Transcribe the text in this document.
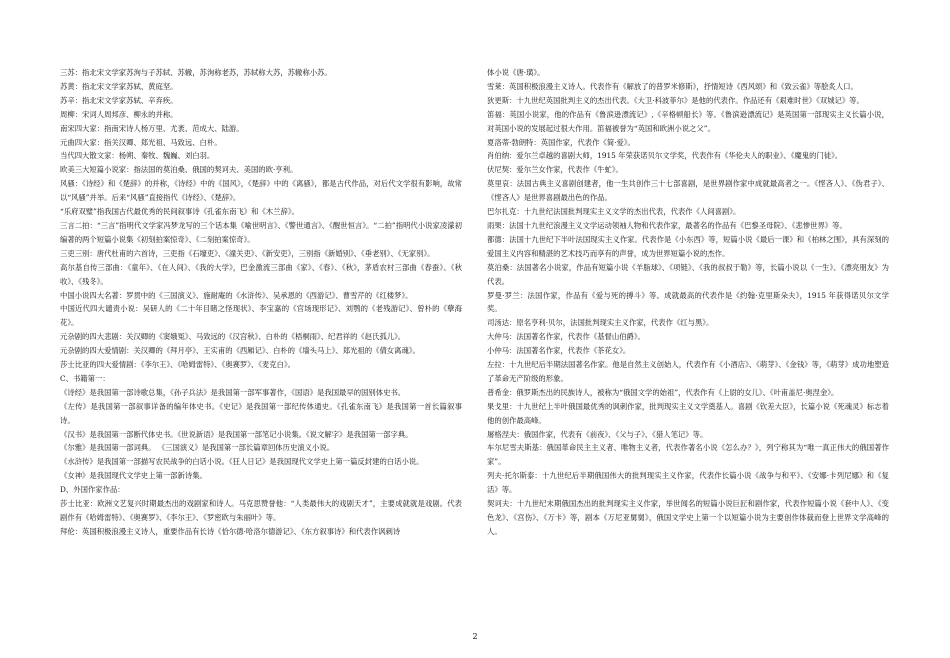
三苏：指北宋文学家苏洵与子苏轼、苏辙，苏洵称老苏，苏轼称大苏，苏辙称小苏。

苏黄：指北宋文学家苏轼、黄庭坚。

苏辛：指北宋文学家苏轼、辛弃疾。

周柳：宋词人周邦彦、柳永的并称。

南宋四大家：指南宋诗人杨万里、尤袤、范成大、陆游。

元曲四大家：指关汉卿、郑光祖、马致远、白朴。

当代四大散文家：杨朔、秦牧、魏巍、刘白羽。

欧美三大短篇小说家：指法国的莫泊桑、俄国的契诃夫、美国的欧·亨利。

风骚：《诗经》和《楚辞》的并称，《诗经》中的《国风》，《楚辞》中的《离骚》，都是古代作品，对后代文学很有影响，故常以“风骚”并举。后来“风骚”直接指代《诗经》、《楚辞》。

“乐府双璧”指我国古代最优秀的民间叙事诗《孔雀东南飞》和《木兰辞》。

三言二拍：“三言”指明代文学家冯梦龙写的三个话本集《喻世明言》、《警世通言》、《醒世恒言》。“二拍”指明代小说家凌濛初编著的两个短篇小说集《初刻拍案惊奇》、《二刻拍案惊奇》。

三吏三别：唐代杜甫的六首诗，三吏指《石壕吏》、《潼关吏》、《新安吏》，三别指《新婚别》、《垂老别》、《无家别》。

高尔基自传三部曲：《童年》、《在人间》、《我的大学》，巴金激流三部曲《家》、《春》、《秋》，茅盾农村三部曲《春蚕》、《秋收》、《残冬》。

中国小说四大名著：罗贯中的《三国演义》、施耐庵的《水浒传》、吴承恩的《西游记》、曹雪芹的《红楼梦》。

中国近代四大谴责小说：吴研人的《二十年目睹之怪现状》、李宝嘉的《官场现形记》、刘鹗的《老残游记》、曾朴的《孽海花》。

元杂剧的四大悲剧：关汉卿的《窦娥冤》、马致远的《汉宫秋》、白朴的《梧桐雨》、纪君祥的《赵氏孤儿》。

元杂剧的四大爱情剧：关汉卿的《拜月亭》、王实甫的《西厢记》、白朴的《墙头马上》、郑光祖的《倩女离魂》。

莎士比亚的四大爱情剧：《李尔王》、《哈姆雷特》、《奥赛罗》、《麦克白》。

C、书籍第一：

《诗经》是我国第一部诗歌总集，《孙子兵法》是我国第一部军事著作，《国语》是我国最早的国别体史书。

《左传》是我国第一部叙事详备的编年体史书。《史记》是我国第一部纪传体通史。《孔雀东南飞》是我国第一首长篇叙事诗。

《汉书》是我国第一部断代体史书。《世说新语》是我国第一部笔记小说集。《说文解字》是我国第一部字典。

《尔雅》是我国第一部词典。 《三国演义》是我国第一部长篇章回体历史演义小说。

《水浒传》是我国第一部描写农民战争的白话小说。《狂人日记》是我国现代文学史上第一篇反封建的白话小说。

《女神》是我国现代文学史上第一部新诗集。

D、外国作家作品：

莎士比亚：欧洲文艺复兴时期最杰出的戏剧家和诗人。马克思赞誉他：“人类最伟大的戏剧天才”，主要成就就是戏剧。代表剧作有《哈姆雷特》、《奥赛罗》、《李尔王》、《罗密欧与朱丽叶》等。

拜伦：英国积极浪漫主义诗人，重要作品有长诗《恰尔德·哈洛尔德游记》、《东方叙事诗》和代表作讽刺诗

体小说《唐·璜》。

雪莱：英国积极浪漫主义诗人。代表作有《解放了的普罗米修斯》，抒情短诗《西风颂》和《致云雀》等脍炙人口。

狄更斯：十九世纪英国批判主义的杰出代表。《大卫·科波菲尔》是他的代表作。作品还有《艰难时世》《双城记》等。

笛福：英国小说家，他的作品有《鲁滨逊漂流记》,《辛格顿船长》等。《鲁滨逊漂流记》是英国第一部现实主义长篇小说，对英国小说的发展起过很大作用。笛福被誉为“英国和欧洲小说之父”。

夏洛蒂·勃朗特：英国作家，代表作《简·爱》。

肖伯纳：爱尔兰卓越的喜剧大师，1915 年荣获诺贝尔文学奖，代表作有《华伦夫人的职业》、《魔鬼的门徒》。

伏尼契：爱尔兰女作家，代表作《牛虻》。

莫里哀：法国古典主义喜剧创建者，他一生共创作三十七部喜剧，是世界剧作家中成就最高者之一。《悭吝人》、《伪君子》、《悭吝人》是世界喜剧最出色的作品。

巴尔扎克：十九世纪法国批判现实主义文学的杰出代表，代表作《人间喜剧》。

雨果：法国十九世纪浪漫主义文学运动领袖人物和代表作家，最著名的作品有《巴黎圣母院》、《悲惨世界》等。

都德：法国十九世纪下半叶法国现实主义作家。代表作是《小东西》等，短篇小说《最后一课》和《柏林之围》，具有深刻的爱国主义内容和精湛的艺术技巧而享有的声誉，成为世界短篇小说的杰作。

莫泊桑：法国著名小说家，作品有短篇小说《羊脂球》、《项链》、《我的叔叔于勒》等，长篇小说以《一生》、《漂亮朋友》为代表。

罗曼·罗兰：法国作家，作品有《爱与死的搏斗》等。成就最高的代表作是《约翰·克里斯朵夫》，1915 年获得诺贝尔文学奖。

司汤达：原名亨利·贝尔，法国批判现实主义作家，代表作《红与黑》。

大仲马：法国著名作家，代表作《基督山伯爵》。

小仲马：法国著名作家，代表作《茶花女》。

左拉：十九世纪后半期法国著名作家。他是自然主义创始人，代表作有《小酒店》、《萌芽》、《金钱》等，《萌芽》成功地塑造了革命无产阶级的形象。

普希金：俄罗斯杰出的民族诗人，被称为“俄国文学的始祖”，代表作有《上尉的女儿》、《叶甫盖尼·奥涅金》。

果戈里：十九世纪上半叶俄国最优秀的讽刺作家，批判现实主义文学奠基人。喜剧《钦差大臣》，长篇小说《死魂灵》标志着他的创作最高峰。

屠格涅夫：俄国作家，代表有《前夜》、《父与子》、《猎人笔记》等。

车尔尼雪夫斯基：俄国革命民主主义者、唯物主义者，代表作著名小说《怎么办？》，列宁称其为“唯一真正伟大的俄国著作家”。

列夫·托尔斯泰：十九世纪后半期俄国伟大的批判现实主义作家，代表作长篇小说《战争与和平》、《安娜·卡列尼娜》和《复活》等。

契诃夫：十九世纪末期俄国杰出的批判现实主义作家，举世闻名的短篇小说巨匠和剧作家，代表作短篇小说《套中人》、《变色龙》、《宫伤》、《万卡》等，剧本《万尼亚舅舅》，俄国文学史上第一个以短篇小说为主要创作体裁而登上世界文学高峰的人。

2
